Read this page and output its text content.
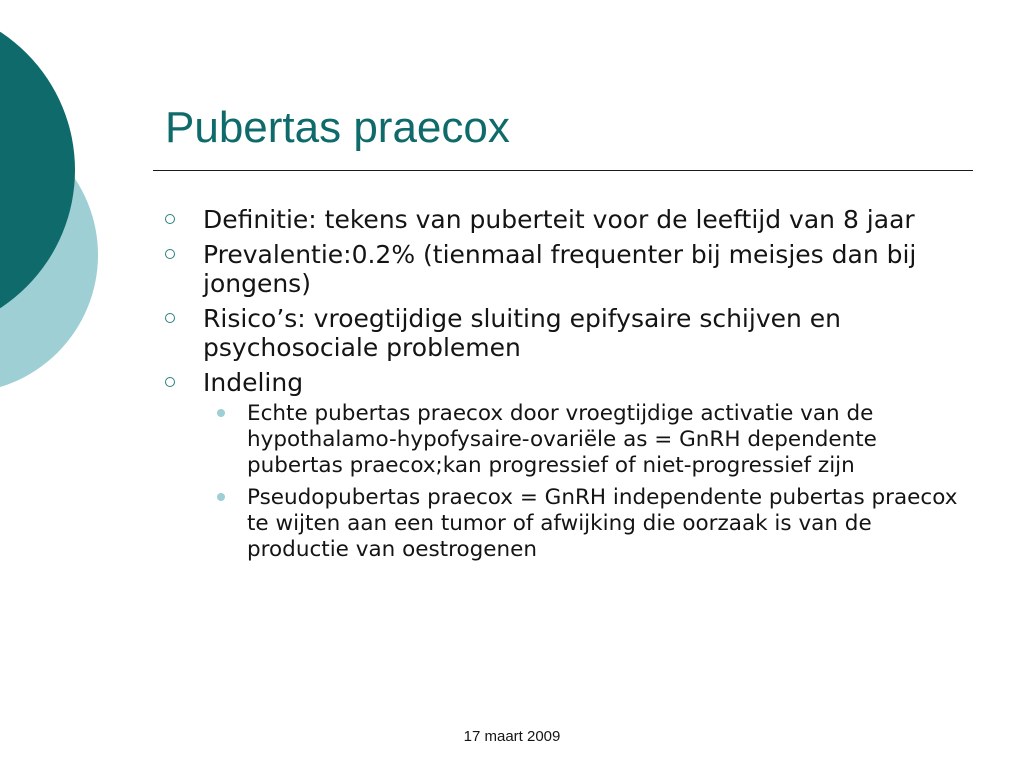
Pubertas praecox
Definitie: tekens van puberteit voor de leeftijd van 8 jaar
Prevalentie:0.2% (tienmaal frequenter bij meisjes dan bij jongens)
Risico’s: vroegtijdige sluiting epifysaire schijven en psychosociale problemen
Indeling
Echte pubertas praecox door vroegtijdige activatie van de hypothalamo-hypofysaire-ovariële as = GnRH dependente pubertas praecox;kan progressief of niet-progressief zijn
Pseudopubertas praecox = GnRH independente pubertas praecox te wijten aan een tumor of afwijking die oorzaak is van de productie van oestrogenen
17 maart 2009
